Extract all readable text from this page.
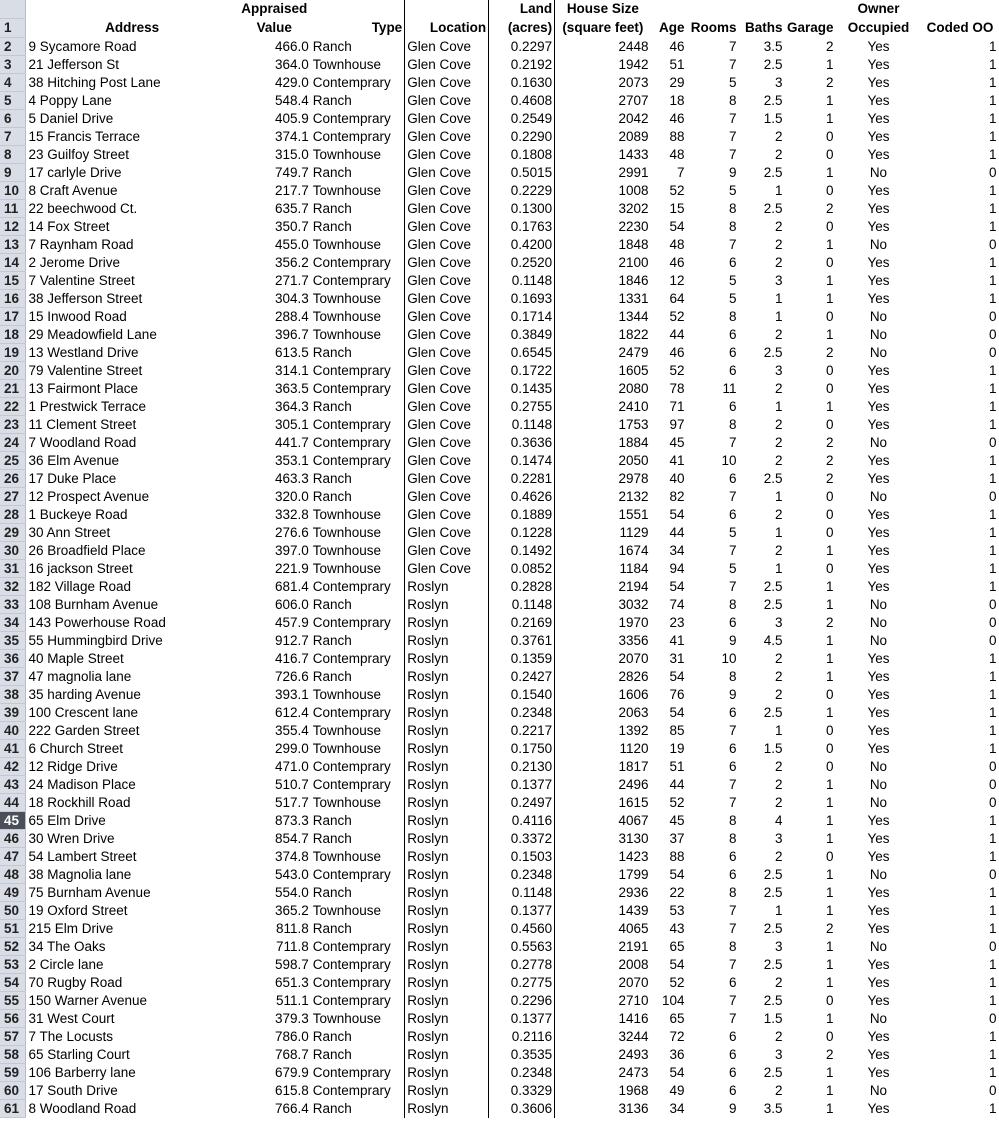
		Appraised			Land	House Size					Owner	
1	Address	Value	Type	Location	(acres)	(square feet)	Age	Rooms	Baths	Garage	Occupied	Coded OO
2	9 Sycamore Road	466.0	Ranch	Glen Cove	0.2297	2448	46	7	3.5	2	Yes	1
3	21 Jefferson St	364.0	Townhouse	Glen Cove	0.2192	1942	51	7	2.5	1	Yes	1
4	38 Hitching Post Lane	429.0	Contemprary	Glen Cove	0.1630	2073	29	5	3	2	Yes	1
5	4 Poppy Lane	548.4	Ranch	Glen Cove	0.4608	2707	18	8	2.5	1	Yes	1
6	5 Daniel Drive	405.9	Contemprary	Glen Cove	0.2549	2042	46	7	1.5	1	Yes	1
7	15 Francis Terrace	374.1	Contemprary	Glen Cove	0.2290	2089	88	7	2	0	Yes	1
8	23 Guilfoy Street	315.0	Townhouse	Glen Cove	0.1808	1433	48	7	2	0	Yes	1
9	17 carlyle Drive	749.7	Ranch	Glen Cove	0.5015	2991	7	9	2.5	1	No	0
10	8 Craft Avenue	217.7	Townhouse	Glen Cove	0.2229	1008	52	5	1	0	Yes	1
11	22 beechwood Ct.	635.7	Ranch	Glen Cove	0.1300	3202	15	8	2.5	2	Yes	1
12	14 Fox Street	350.7	Ranch	Glen Cove	0.1763	2230	54	8	2	0	Yes	1
13	7 Raynham Road	455.0	Townhouse	Glen Cove	0.4200	1848	48	7	2	1	No	0
14	2 Jerome Drive	356.2	Contemprary	Glen Cove	0.2520	2100	46	6	2	0	Yes	1
15	7 Valentine Street	271.7	Contemprary	Glen Cove	0.1148	1846	12	5	3	1	Yes	1
16	38 Jefferson Street	304.3	Townhouse	Glen Cove	0.1693	1331	64	5	1	1	Yes	1
17	15 Inwood Road	288.4	Townhouse	Glen Cove	0.1714	1344	52	8	1	0	No	0
18	29 Meadowfield Lane	396.7	Townhouse	Glen Cove	0.3849	1822	44	6	2	1	No	0
19	13 Westland Drive	613.5	Ranch	Glen Cove	0.6545	2479	46	6	2.5	2	No	0
20	79 Valentine Street	314.1	Contemprary	Glen Cove	0.1722	1605	52	6	3	0	Yes	1
21	13 Fairmont Place	363.5	Contemprary	Glen Cove	0.1435	2080	78	11	2	0	Yes	1
22	1 Prestwick Terrace	364.3	Ranch	Glen Cove	0.2755	2410	71	6	1	1	Yes	1
23	11 Clement Street	305.1	Contemprary	Glen Cove	0.1148	1753	97	8	2	0	Yes	1
24	7 Woodland Road	441.7	Contemprary	Glen Cove	0.3636	1884	45	7	2	2	No	0
25	36 Elm Avenue	353.1	Contemprary	Glen Cove	0.1474	2050	41	10	2	2	Yes	1
26	17 Duke Place	463.3	Ranch	Glen Cove	0.2281	2978	40	6	2.5	2	Yes	1
27	12 Prospect Avenue	320.0	Ranch	Glen Cove	0.4626	2132	82	7	1	0	No	0
28	1 Buckeye Road	332.8	Townhouse	Glen Cove	0.1889	1551	54	6	2	0	Yes	1
29	30 Ann Street	276.6	Townhouse	Glen Cove	0.1228	1129	44	5	1	0	Yes	1
30	26 Broadfield Place	397.0	Townhouse	Glen Cove	0.1492	1674	34	7	2	1	Yes	1
31	16 jackson Street	221.9	Townhouse	Glen Cove	0.0852	1184	94	5	1	0	Yes	1
32	182 Village Road	681.4	Contemprary	Roslyn	0.2828	2194	54	7	2.5	1	Yes	1
33	108 Burnham Avenue	606.0	Ranch	Roslyn	0.1148	3032	74	8	2.5	1	No	0
34	143 Powerhouse Road	457.9	Contemprary	Roslyn	0.2169	1970	23	6	3	2	No	0
35	55 Hummingbird Drive	912.7	Ranch	Roslyn	0.3761	3356	41	9	4.5	1	No	0
36	40 Maple Street	416.7	Contemprary	Roslyn	0.1359	2070	31	10	2	1	Yes	1
37	47 magnolia lane	726.6	Ranch	Roslyn	0.2427	2826	54	8	2	1	Yes	1
38	35 harding Avenue	393.1	Townhouse	Roslyn	0.1540	1606	76	9	2	0	Yes	1
39	100 Crescent lane	612.4	Contemprary	Roslyn	0.2348	2063	54	6	2.5	1	Yes	1
40	222 Garden Street	355.4	Townhouse	Roslyn	0.2217	1392	85	7	1	0	Yes	1
41	6 Church Street	299.0	Townhouse	Roslyn	0.1750	1120	19	6	1.5	0	Yes	1
42	12 Ridge Drive	471.0	Contemprary	Roslyn	0.2130	1817	51	6	2	0	No	0
43	24 Madison Place	510.7	Contemprary	Roslyn	0.1377	2496	44	7	2	1	No	0
44	18 Rockhill Road	517.7	Townhouse	Roslyn	0.2497	1615	52	7	2	1	No	0
45	65 Elm Drive	873.3	Ranch	Roslyn	0.4116	4067	45	8	4	1	Yes	1
46	30 Wren Drive	854.7	Ranch	Roslyn	0.3372	3130	37	8	3	1	Yes	1
47	54 Lambert Street	374.8	Townhouse	Roslyn	0.1503	1423	88	6	2	0	Yes	1
48	38 Magnolia lane	543.0	Contemprary	Roslyn	0.2348	1799	54	6	2.5	1	No	0
49	75 Burnham Avenue	554.0	Ranch	Roslyn	0.1148	2936	22	8	2.5	1	Yes	1
50	19 Oxford Street	365.2	Townhouse	Roslyn	0.1377	1439	53	7	1	1	Yes	1
51	215 Elm Drive	811.8	Ranch	Roslyn	0.4560	4065	43	7	2.5	2	Yes	1
52	34 The Oaks	711.8	Contemprary	Roslyn	0.5563	2191	65	8	3	1	No	0
53	2 Circle lane	598.7	Contemprary	Roslyn	0.2778	2008	54	7	2.5	1	Yes	1
54	70 Rugby Road	651.3	Contemprary	Roslyn	0.2775	2070	52	6	2	1	Yes	1
55	150 Warner Avenue	511.1	Contemprary	Roslyn	0.2296	2710	104	7	2.5	0	Yes	1
56	31 West Court	379.3	Townhouse	Roslyn	0.1377	1416	65	7	1.5	1	No	0
57	7 The Locusts	786.0	Ranch	Roslyn	0.2116	3244	72	6	2	0	Yes	1
58	65 Starling Court	768.7	Ranch	Roslyn	0.3535	2493	36	6	3	2	Yes	1
59	106 Barberry lane	679.9	Contemprary	Roslyn	0.2348	2473	54	6	2.5	1	Yes	1
60	17 South Drive	615.8	Contemprary	Roslyn	0.3329	1968	49	6	2	1	No	0
61	8 Woodland Road	766.4	Ranch	Roslyn	0.3606	3136	34	9	3.5	1	Yes	1
